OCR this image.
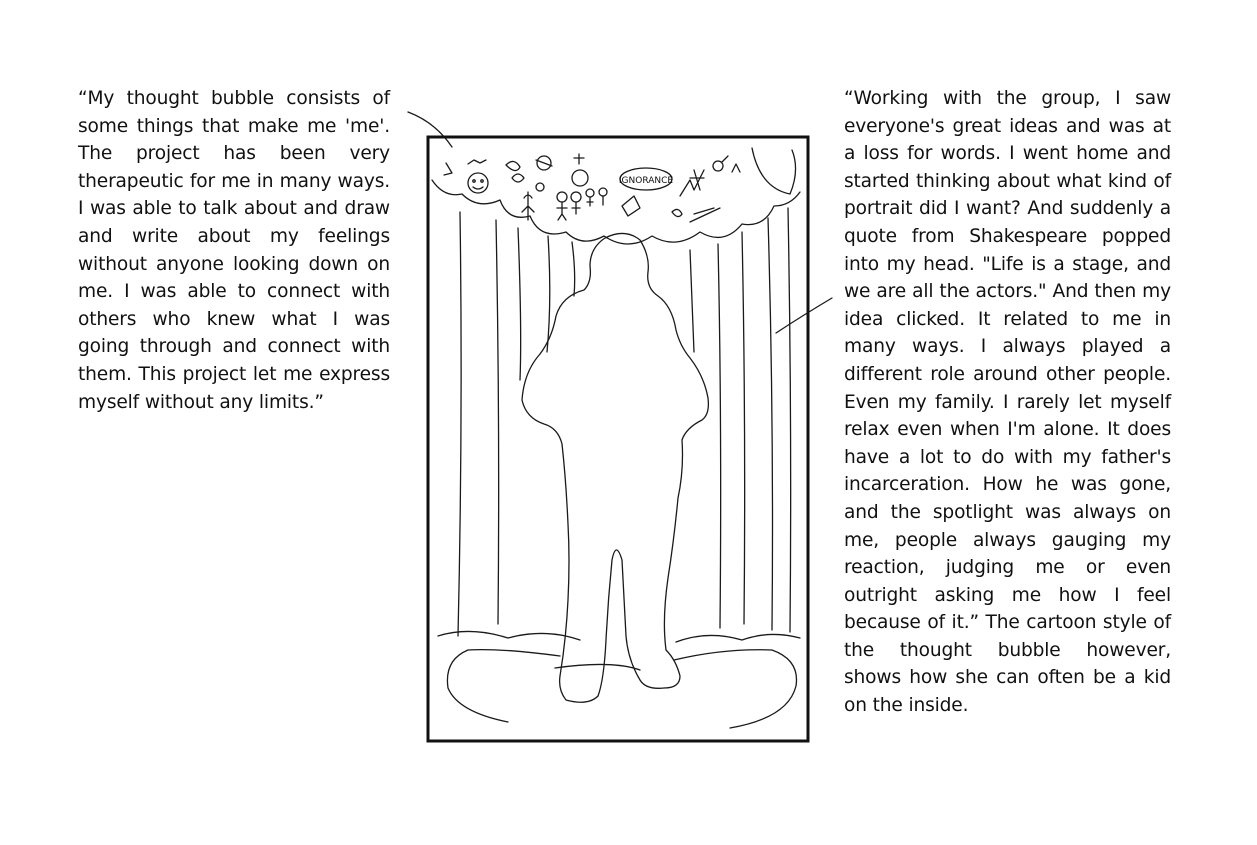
“My thought bubble consists of some things that make me 'me'. The project has been very therapeutic for me in many ways. I was able to talk about and draw and write about my feelings without anyone looking down on me. I was able to connect with others who knew what I was going through and connect with them. This project let me express myself without any limits.”

“Working with the group, I saw everyone's great ideas and was at a loss for words. I went home and started thinking about what kind of portrait did I want? And suddenly a quote from Shakespeare popped into my head. "Life is a stage, and we are all the actors." And then my idea clicked. It related to me in many ways. I always played a different role around other people. Even my family. I rarely let myself relax even when I'm alone. It does have a lot to do with my father's incarceration. How he was gone, and the spotlight was always on me, people always gauging my reaction, judging me or even outright asking me how I feel because of it.” The cartoon style of the thought bubble however, shows how she can often be a kid on the inside.

IGNORANCE
